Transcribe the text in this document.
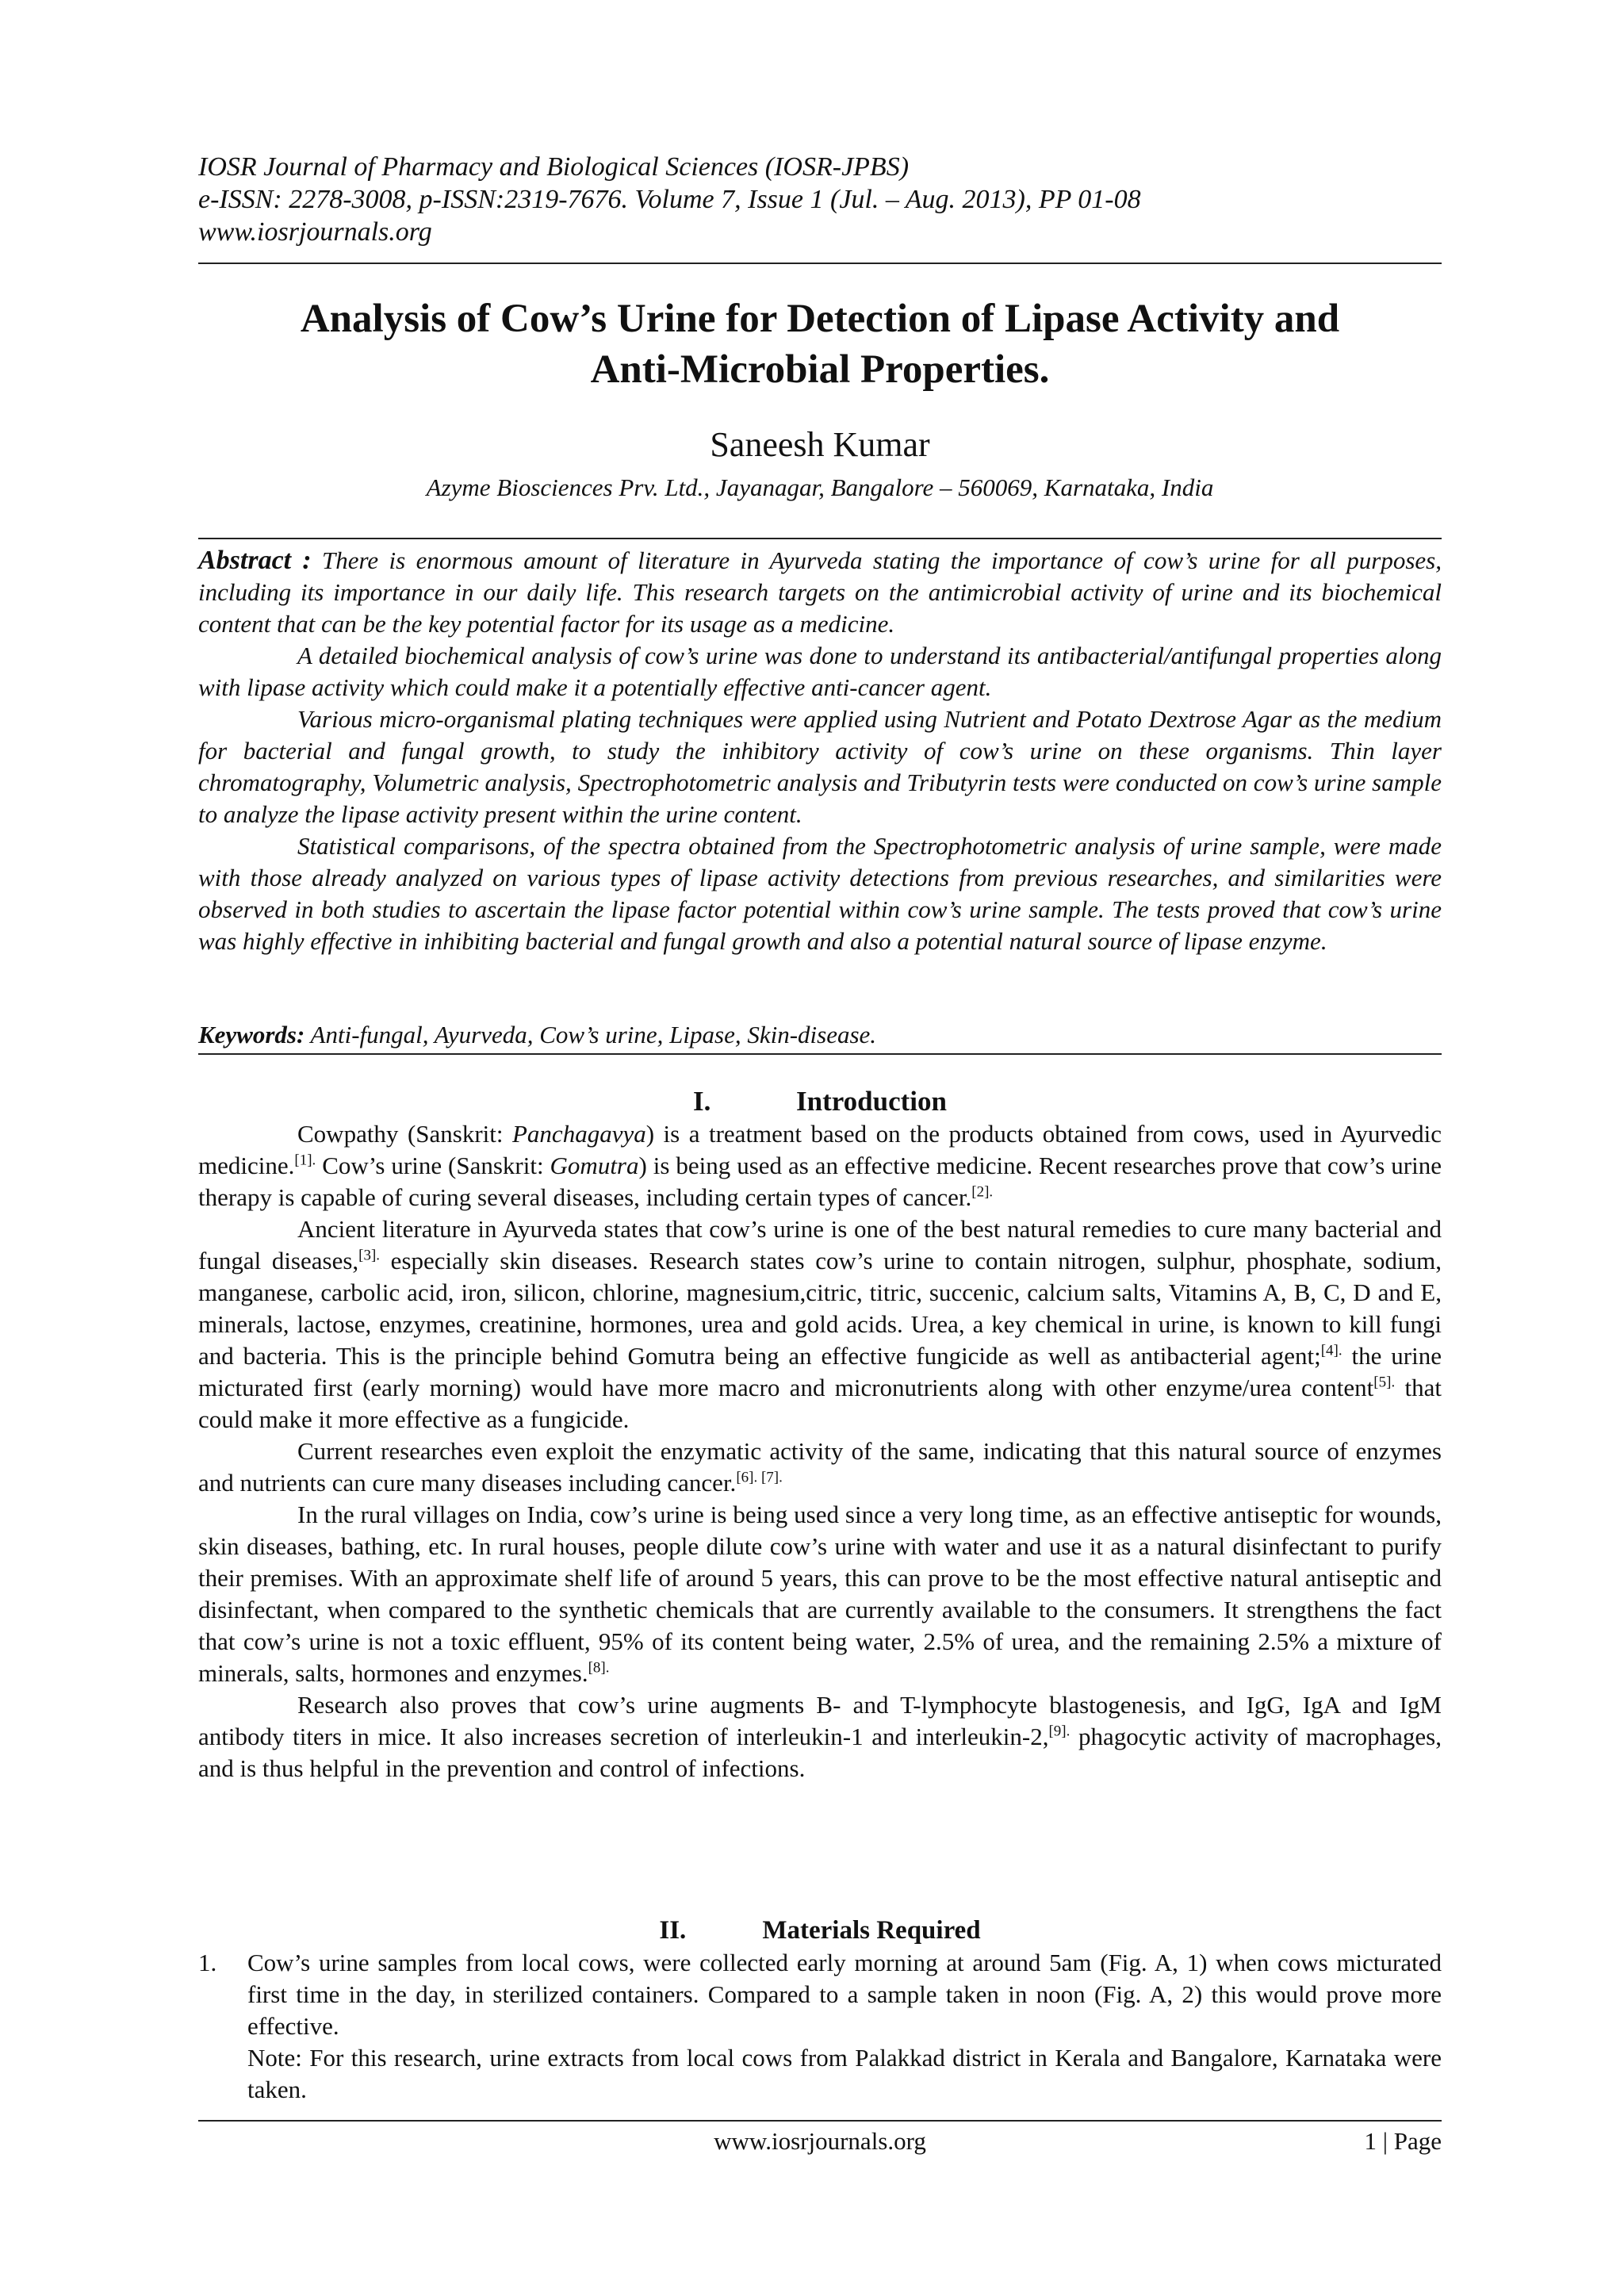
IOSR Journal of Pharmacy and Biological Sciences (IOSR-JPBS)
e-ISSN: 2278-3008, p-ISSN:2319-7676. Volume 7, Issue 1 (Jul. – Aug. 2013), PP 01-08
www.iosrjournals.org
Analysis of Cow’s Urine for Detection of Lipase Activity and
Anti-Microbial Properties.
Saneesh Kumar
Azyme Biosciences Prv. Ltd., Jayanagar, Bangalore – 560069, Karnataka, India

Abstract : There is enormous amount of literature in Ayurveda stating the importance of cow’s urine for all purposes, including its importance in our daily life. This research targets on the antimicrobial activity of urine and its biochemical content that can be the key potential factor for its usage as a medicine.

A detailed biochemical analysis of cow’s urine was done to understand its antibacterial/antifungal properties along with lipase activity which could make it a potentially effective anti-cancer agent.

Various micro-organismal plating techniques were applied using Nutrient and Potato Dextrose Agar as the medium for bacterial and fungal growth, to study the inhibitory activity of cow’s urine on these organisms. Thin layer chromatography, Volumetric analysis, Spectrophotometric analysis and Tributyrin tests were conducted on cow’s urine sample to analyze the lipase activity present within the urine content.

Statistical comparisons, of the spectra obtained from the Spectrophotometric analysis of urine sample, were made with those already analyzed on various types of lipase activity detections from previous researches, and similarities were observed in both studies to ascertain the lipase factor potential within cow’s urine sample. The tests proved that cow’s urine was highly effective in inhibiting bacterial and fungal growth and also a potential natural source of lipase enzyme.

Keywords: Anti-fungal, Ayurveda, Cow’s urine, Lipase, Skin-disease.
I.	Introduction

Cowpathy (Sanskrit: Panchagavya) is a treatment based on the products obtained from cows, used in Ayurvedic medicine.$^{[1].}$ Cow’s urine (Sanskrit: Gomutra) is being used as an effective medicine. Recent researches prove that cow’s urine therapy is capable of curing several diseases, including certain types of cancer.$^{[2].}$

Ancient literature in Ayurveda states that cow’s urine is one of the best natural remedies to cure many bacterial and fungal diseases,$^{[3].}$ especially skin diseases. Research states cow’s urine to contain nitrogen, sulphur, phosphate, sodium, manganese, carbolic acid, iron, silicon, chlorine, magnesium,citric, titric, succenic, calcium salts, Vitamins A, B, C, D and E, minerals, lactose, enzymes, creatinine, hormones, urea and gold acids. Urea, a key chemical in urine, is known to kill fungi and bacteria. This is the principle behind Gomutra being an effective fungicide as well as antibacterial agent;$^{[4].}$ the urine micturated first (early morning) would have more macro and micronutrients along with other enzyme/urea content$^{[5].}$ that could make it more effective as a fungicide.

Current researches even exploit the enzymatic activity of the same, indicating that this natural source of enzymes and nutrients can cure many diseases including cancer.$^{[6]. [7].}$

In the rural villages on India, cow’s urine is being used since a very long time, as an effective antiseptic for wounds, skin diseases, bathing, etc. In rural houses, people dilute cow’s urine with water and use it as a natural disinfectant to purify their premises. With an approximate shelf life of around 5 years, this can prove to be the most effective natural antiseptic and disinfectant, when compared to the synthetic chemicals that are currently available to the consumers. It strengthens the fact that cow’s urine is not a toxic effluent, 95% of its content being water, 2.5% of urea, and the remaining 2.5% a mixture of minerals, salts, hormones and enzymes.$^{[8].}$

Research also proves that cow’s urine augments B- and T-lymphocyte blastogenesis, and IgG, IgA and IgM antibody titers in mice. It also increases secretion of interleukin-1 and interleukin-2,$^{[9].}$ phagocytic activity of macrophages, and is thus helpful in the prevention and control of infections.

II.	Materials Required
1. Cow’s urine samples from local cows, were collected early morning at around 5am (Fig. A, 1) when cows micturated first time in the day, in sterilized containers. Compared to a sample taken in noon (Fig. A, 2) this would prove more effective.

Note: For this research, urine extracts from local cows from Palakkad district in Kerala and Bangalore, Karnataka were taken.

www.iosrjournals.org	1 | Page
